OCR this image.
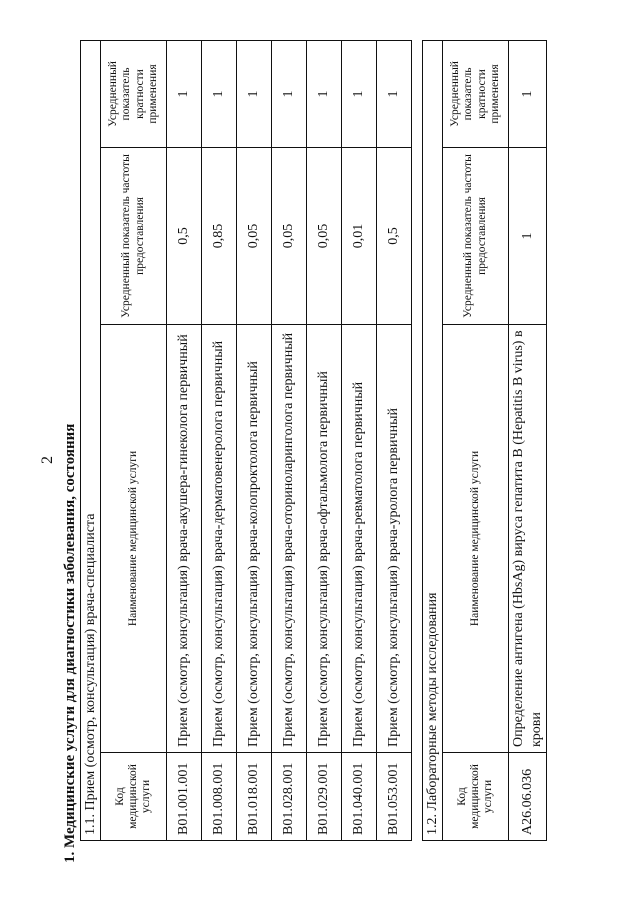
2 1. Медицинские услуги для диагностики заболевания, состояния 1.1. Прием (осмотр, консультация) врача-специалиста			
Код медицинской услуги	Наименование медицинской услуги	Усредненный показатель частоты предоставления	Усредненный показатель кратности применения
B01.001.001	Прием (осмотр, консультация) врача-акушера-гинеколога первичный	0,5	1
B01.008.001	Прием (осмотр, консультация) врача-дерматовенеролога первичный	0,85	1
B01.018.001	Прием (осмотр, консультация) врача-колопроктолога первичный	0,05	1
B01.028.001	Прием (осмотр, консультация) врача-оториноларинголога первичный	0,05	1
B01.029.001	Прием (осмотр, консультация) врача-офтальмолога первичный	0,05	1
B01.040.001	Прием (осмотр, консультация) врача-ревматолога первичный	0,01	1
B01.053.001	Прием (осмотр, консультация) врача-уролога первичный	0,5	1
1.2. Лабораторные методы исследования			
Код медицинской услуги	Наименование медицинской услуги	Усредненный показатель частоты предоставления	Усредненный показатель кратности применения
A26.06.036	Определение антигена (HbsAg) вируса гепатита B (Hepatitis B virus) в крови	1	1
